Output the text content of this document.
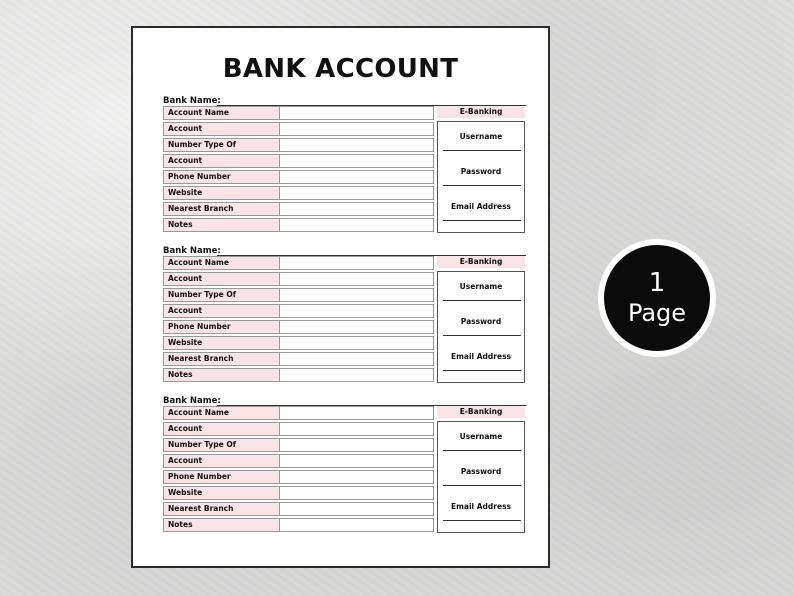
BANK ACCOUNT
Bank Name:
Account Name
Account
Number Type Of
Account
Phone Number
Website
Nearest Branch
Notes
E-Banking
Username
Password
Email Address
Bank Name:
Account Name
Account
Number Type Of
Account
Phone Number
Website
Nearest Branch
Notes
E-Banking
Username
Password
Email Address
Bank Name:
Account Name
Account
Number Type Of
Account
Phone Number
Website
Nearest Branch
Notes
E-Banking
Username
Password
Email Address
1
Page
